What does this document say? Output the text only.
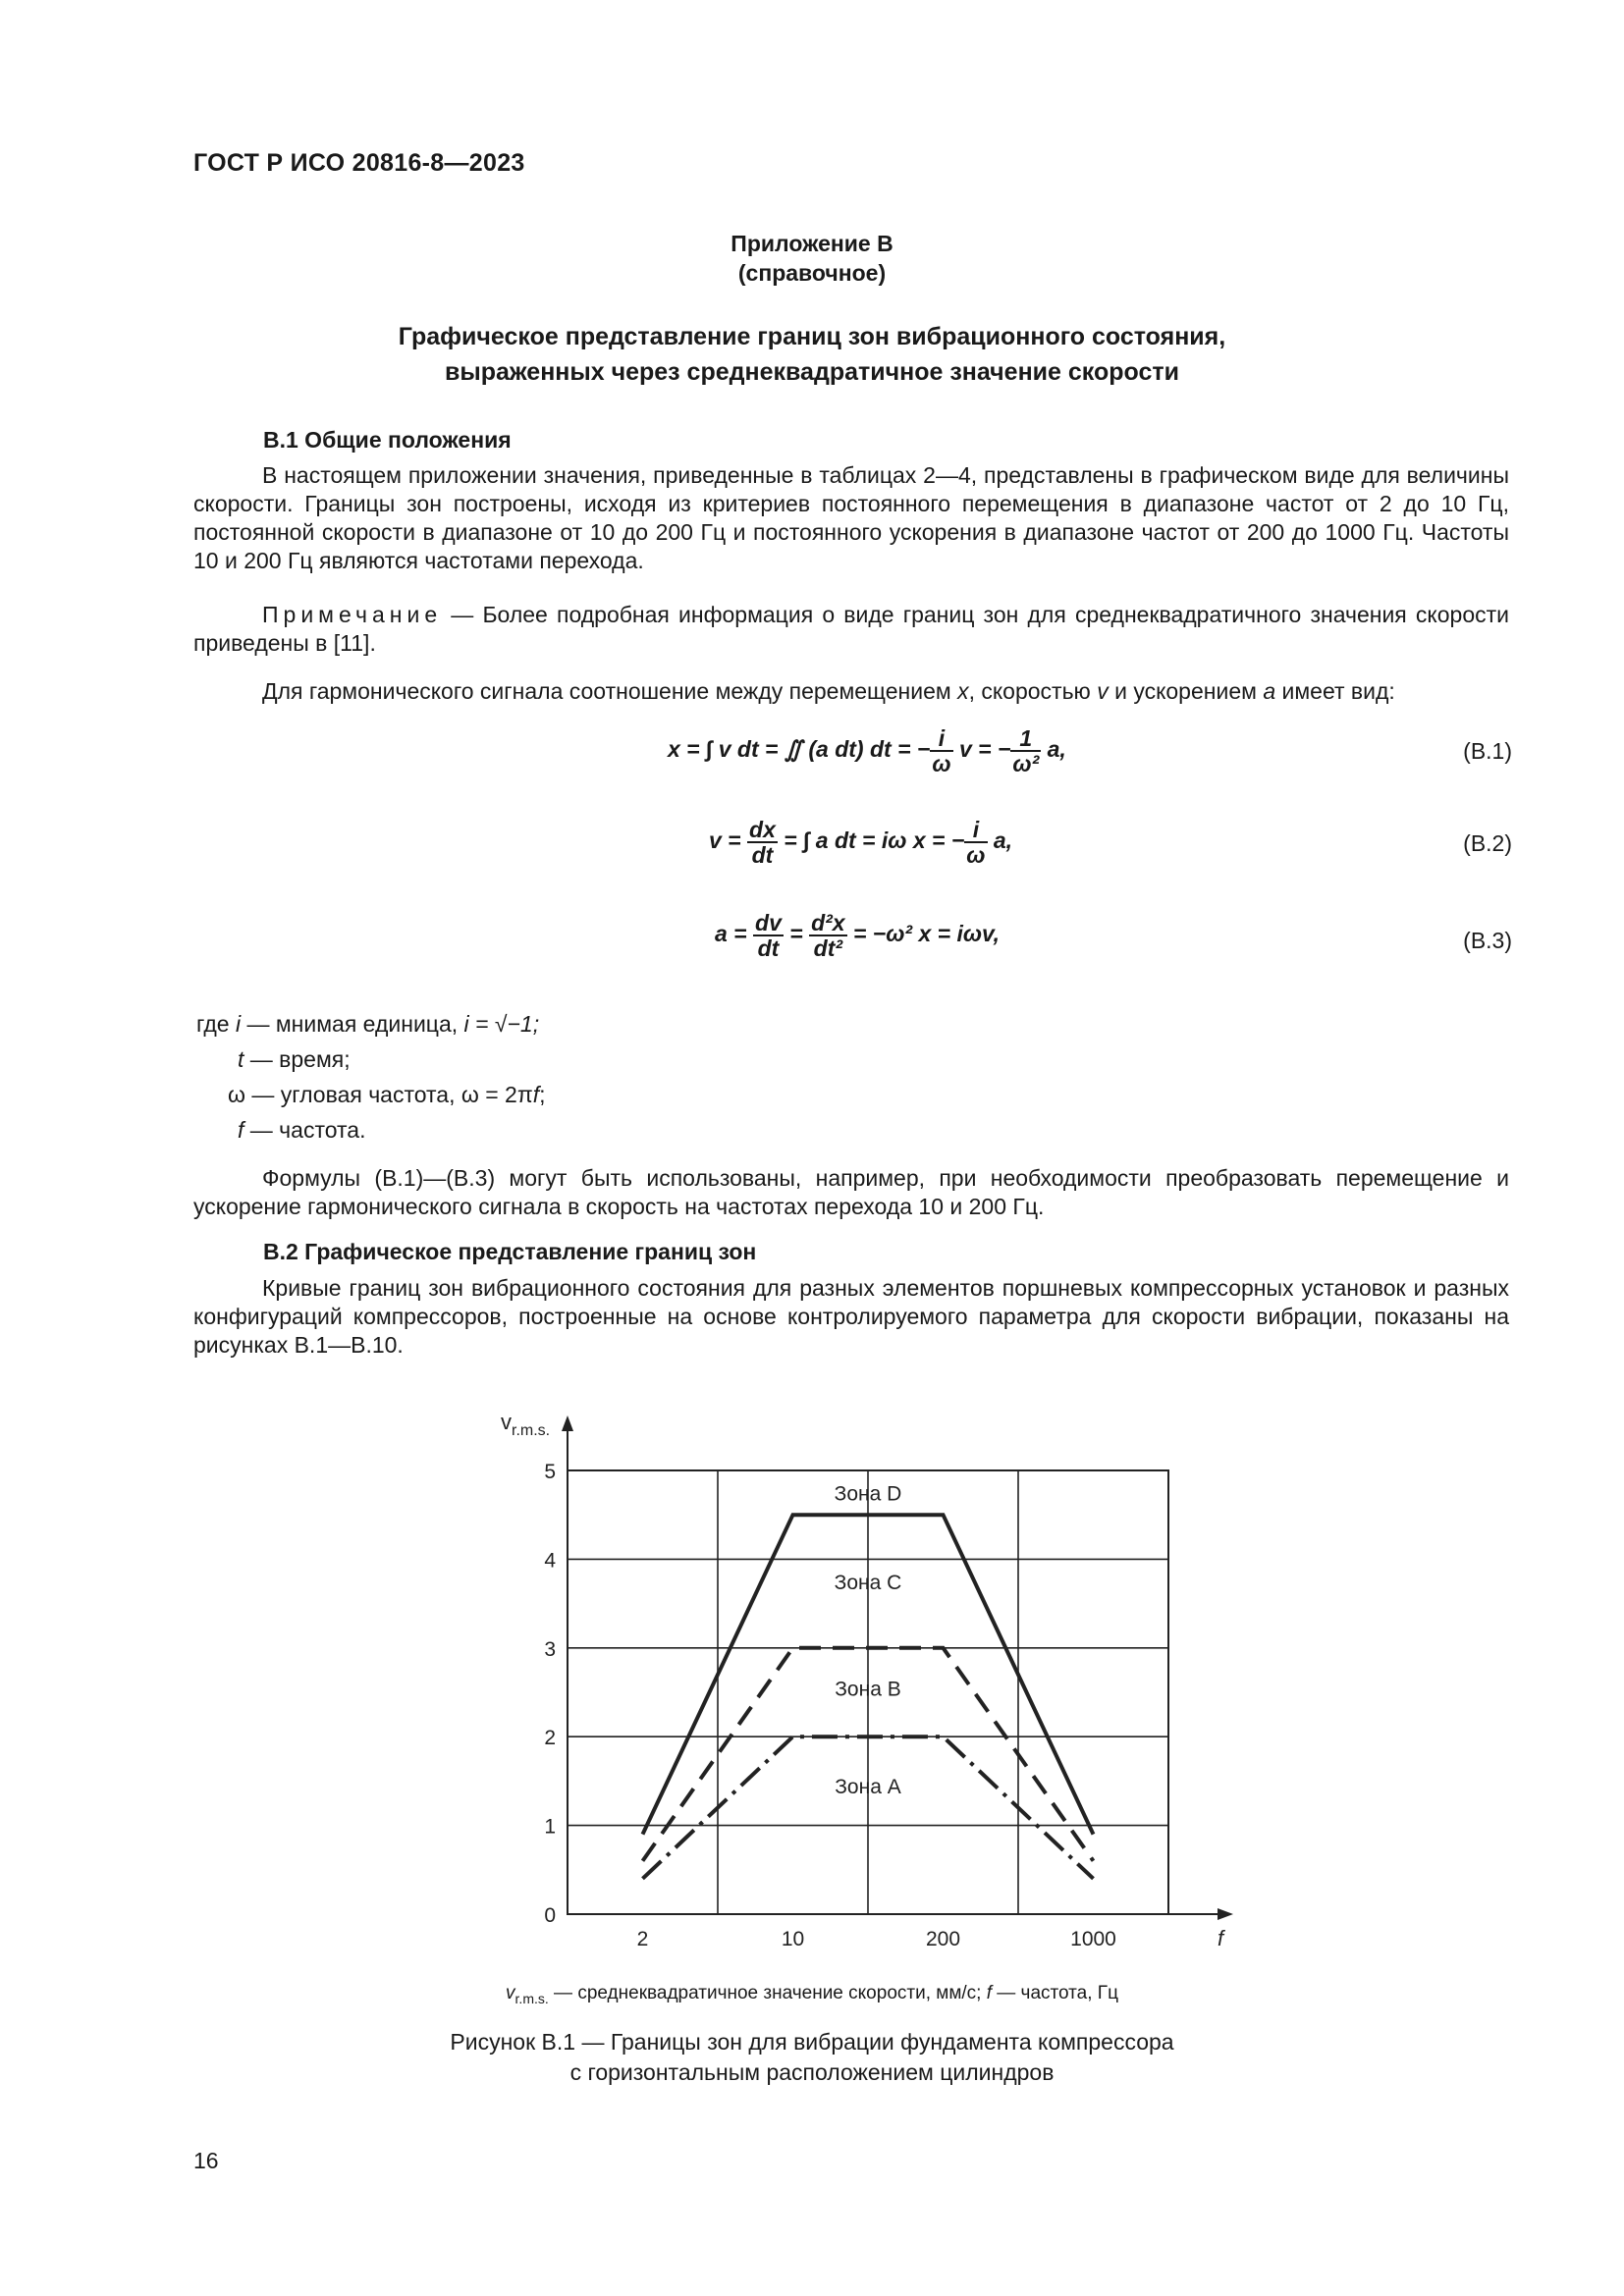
ГОСТ Р ИСО 20816-8—2023
Приложение В
(справочное)
Графическое представление границ зон вибрационного состояния,
выраженных через среднеквадратичное значение скорости
В.1 Общие положения
В настоящем приложении значения, приведенные в таблицах 2—4, представлены в графическом виде для величины скорости. Границы зон построены, исходя из критериев постоянного перемещения в диапазоне частот от 2 до 10 Гц, постоянной скорости в диапазоне от 10 до 200 Гц и постоянного ускорения в диапазоне частот от 200 до 1000 Гц. Частоты 10 и 200 Гц являются частотами перехода.
Примечание — Более подробная информация о виде границ зон для среднеквадратичного значения скорости приведены в [11].
Для гармонического сигнала соотношение между перемещением x, скоростью v и ускорением a имеет вид:
x = ∫ v dt = ∬ (a dt) dt = − $\frac{i}{\omega}$ v = − $\frac{1}{\text{ω²}} a$,	(B.1)
$v = \frac{dx}{dt}$ = ∫ a dt = iω x = − $\frac{i}{\omega} a$,	(B.2)
$a = \frac{dv}{dt} = \frac{\text{d²x}}{\text{dt²}} = -\omega^2$ x = iωv,	(B.3)
где i — мнимая единица, i = √−1;
t — время;
ω — угловая частота, ω = 2πf;
f — частота.
Формулы (В.1)—(В.3) могут быть использованы, например, при необходимости преобразовать перемещение и ускорение гармонического сигнала в скорость на частотах перехода 10 и 200 Гц.
В.2 Графическое представление границ зон
Кривые границ зон вибрационного состояния для разных элементов поршневых компрессорных установок и разных конфигураций компрессоров, построенные на основе контролируемого параметра для скорости вибрации, показаны на рисунках В.1—В.10.
0
1
2
3
4
5
2	10	200	1000	f
$v_{r.m.s.}$
Зона D
Зона C
Зона B
Зона A
$v_{r.m.s.}$ — среднеквадратичное значение скорости, мм/с; f — частота, Гц
Рисунок В.1 — Границы зон для вибрации фундамента компрессора
с горизонтальным расположением цилиндров
16
